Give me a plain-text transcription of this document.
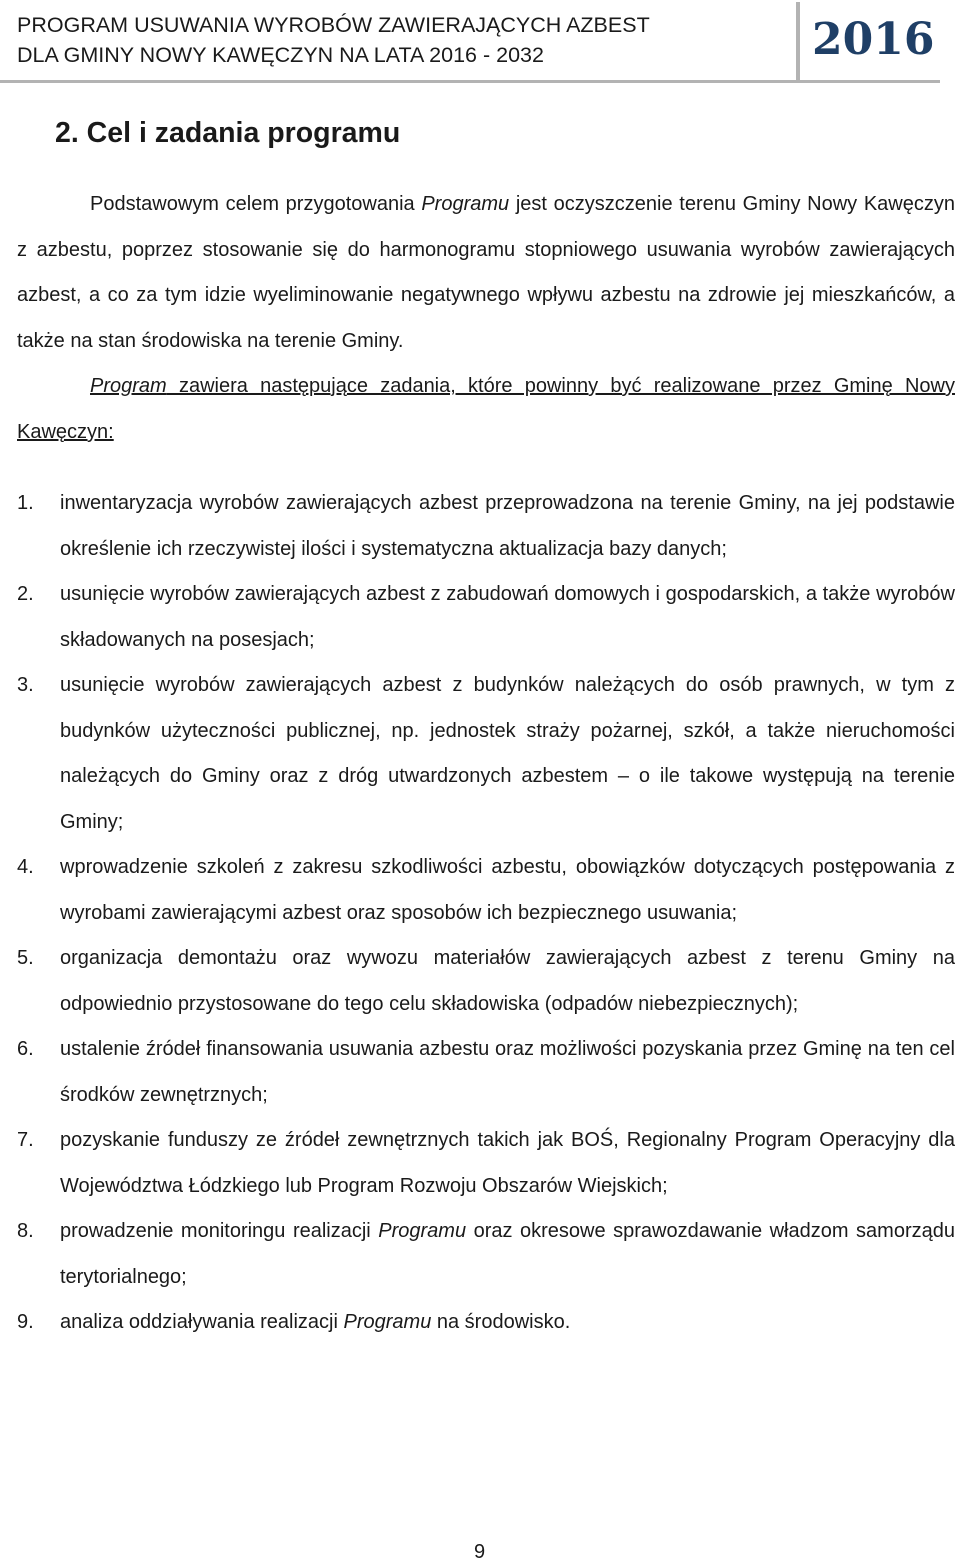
PROGRAM USUWANIA WYROBÓW ZAWIERAJĄCYCH AZBEST
DLA GMINY NOWY KAWĘCZYN NA LATA 2016 - 2032	2016
2. Cel i zadania programu

Podstawowym celem przygotowania Programu jest oczyszczenie terenu Gminy Nowy Kawęczyn z azbestu, poprzez stosowanie się do harmonogramu stopniowego usuwania wyrobów zawierających azbest, a co za tym idzie wyeliminowanie negatywnego wpływu azbestu na zdrowie jej mieszkańców, a także na stan środowiska na terenie Gminy.

Program zawiera następujące zadania, które powinny być realizowane przez Gminę Nowy Kawęczyn:

1. inwentaryzacja wyrobów zawierających azbest przeprowadzona na terenie Gminy, na jej podstawie określenie ich rzeczywistej ilości i systematyczna aktualizacja bazy danych;
2. usunięcie wyrobów zawierających azbest z zabudowań domowych i gospodarskich, a także wyrobów składowanych na posesjach;
3. usunięcie wyrobów zawierających azbest z budynków należących do osób prawnych, w tym z budynków użyteczności publicznej, np. jednostek straży pożarnej, szkół, a także nieruchomości należących do Gminy oraz z dróg utwardzonych azbestem – o ile takowe występują na terenie Gminy;
4. wprowadzenie szkoleń z zakresu szkodliwości azbestu, obowiązków dotyczących postępowania z wyrobami zawierającymi azbest oraz sposobów ich bezpiecznego usuwania;
5. organizacja demontażu oraz wywozu materiałów zawierających azbest z terenu Gminy na odpowiednio przystosowane do tego celu składowiska (odpadów niebezpiecznych);
6. ustalenie źródeł finansowania usuwania azbestu oraz możliwości pozyskania przez Gminę na ten cel środków zewnętrznych;
7. pozyskanie funduszy ze źródeł zewnętrznych takich jak BOŚ, Regionalny Program Operacyjny dla Województwa Łódzkiego lub Program Rozwoju Obszarów Wiejskich;
8. prowadzenie monitoringu realizacji Programu oraz okresowe sprawozdawanie władzom samorządu terytorialnego;
9. analiza oddziaływania realizacji Programu na środowisko.
9
